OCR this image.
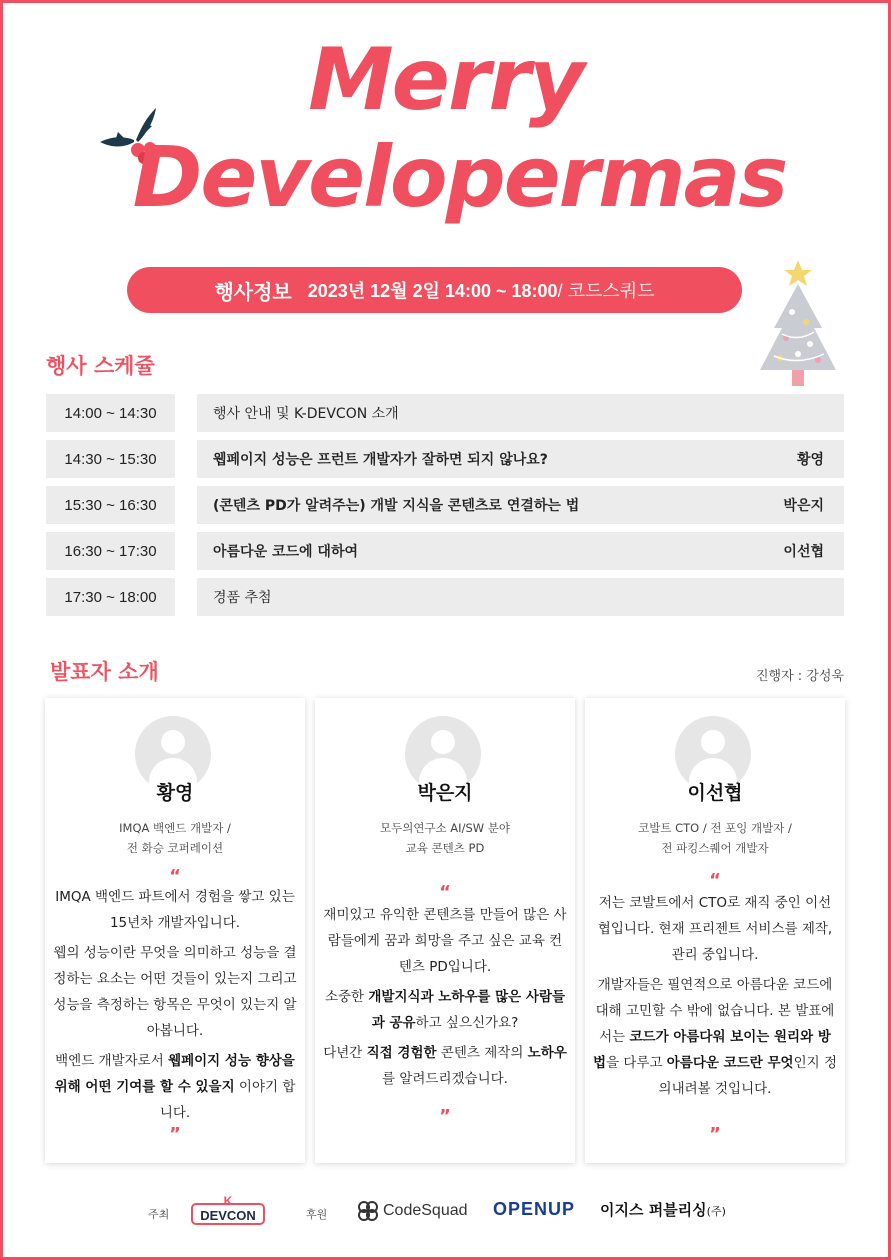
Merry
Developermas
행사정보 2023년 12월 2일 14:00 ~ 18:00 / 코드스쿼드
행사 스케쥴
14:00 ~ 14:30	행사 안내 및 K-DEVCON 소개
14:30 ~ 15:30	웹페이지 성능은 프런트 개발자가 잘하면 되지 않나요?	황영
15:30 ~ 16:30	(콘텐츠 PD가 알려주는) 개발 지식을 콘텐츠로 연결하는 법	박은지
16:30 ~ 17:30	아름다운 코드에 대하여	이선협
17:30 ~ 18:00	경품 추첨
발표자 소개	진행자 : 강성욱
황영
IMQA 백엔드 개발자 /
전 화승 코퍼레이션
“

IMQA 백엔드 파트에서 경험을 쌓고 있는 15년차 개발자입니다.

웹의 성능이란 무엇을 의미하고 성능을 결정하는 요소는 어떤 것들이 있는지 그리고 성능을 측정하는 항목은 무엇이 있는지 알아봅니다.

백엔드 개발자로서 웹페이지 성능 향상을 위해 어떤 기여를 할 수 있을지 이야기 합니다.

”
박은지
모두의연구소 AI/SW 분야
교육 콘텐츠 PD
“

재미있고 유익한 콘텐츠를 만들어 많은 사람들에게 꿈과 희망을 주고 싶은 교육 컨텐츠 PD입니다.

소중한 개발지식과 노하우를 많은 사람들과 공유하고 싶으신가요?

다년간 직접 경험한 콘텐츠 제작의 노하우를 알려드리겠습니다.

”
이선협
코발트 CTO / 전 포잉 개발자 /
전 파킹스퀘어 개발자
“

저는 코발트에서 CTO로 재직 중인 이선협입니다. 현재 프리젠트 서비스를 제작, 관리 중입니다.

개발자들은 필연적으로 아름다운 코드에 대해 고민할 수 밖에 없습니다. 본 발표에서는 코드가 아름다워 보이는 원리와 방법을 다루고 아름다운 코드란 무엇인지 정의내려볼 것입니다.

”
주최
K
DEVCON	후원	CodeSquad OPENUP 이지스 퍼블리싱(주)
